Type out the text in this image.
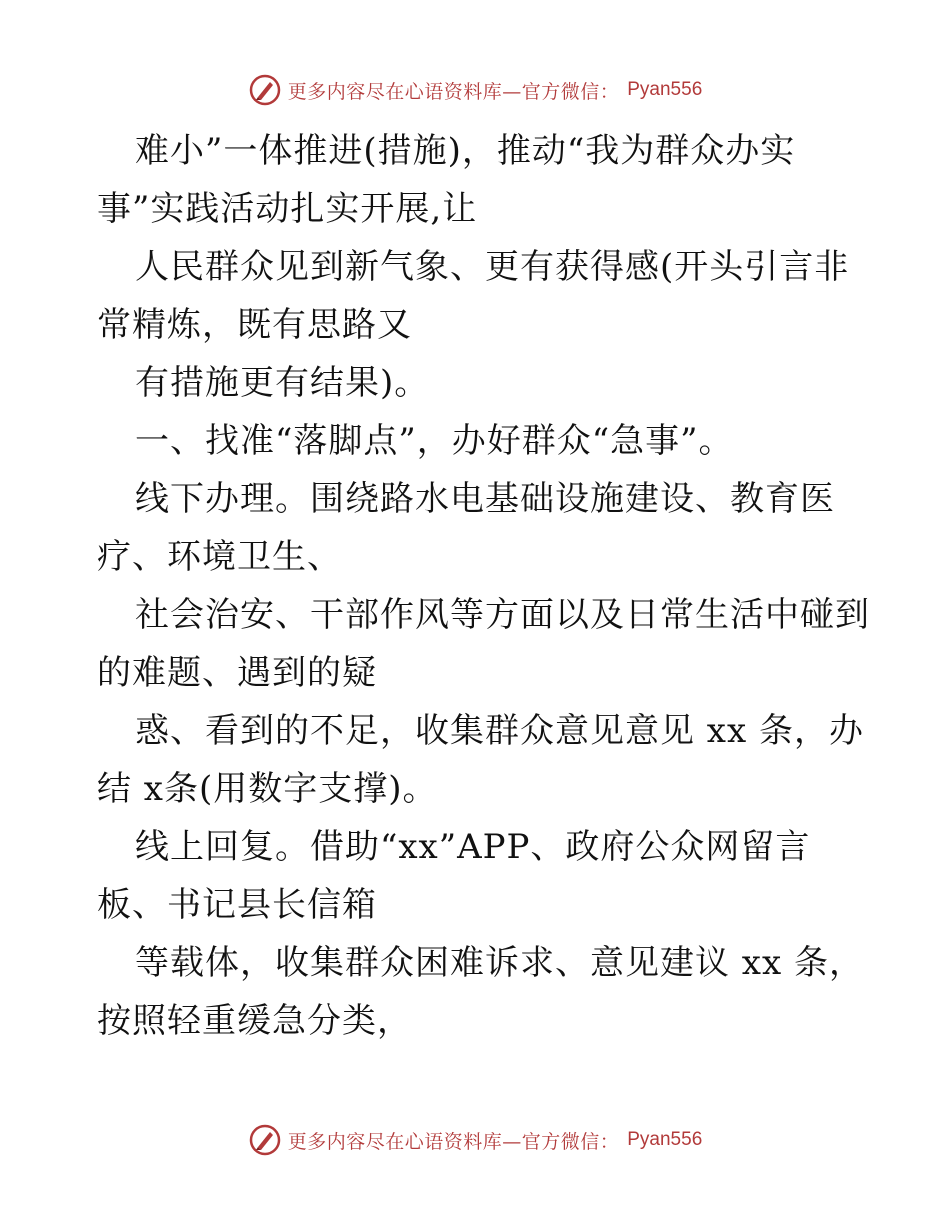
更多内容尽在心语资料库—官方微信： Pyan556
难小”一体推进(措施)，推动“我为群众办实
事”实践活动扎实开展,让
人民群众见到新气象、更有获得感(开头引言非
常精炼，既有思路又
有措施更有结果)。
一、找准“落脚点”，办好群众“急事”。
线下办理。围绕路水电基础设施建设、教育医
疗、环境卫生、
社会治安、干部作风等方面以及日常生活中碰到
的难题、遇到的疑
惑、看到的不足，收集群众意见意见 xx 条，办
结 x条(用数字支撑)。
线上回复。借助“xx”APP、政府公众网留言
板、书记县长信箱
等载体，收集群众困难诉求、意见建议 xx 条，
按照轻重缓急分类，
更多内容尽在心语资料库—官方微信： Pyan556
